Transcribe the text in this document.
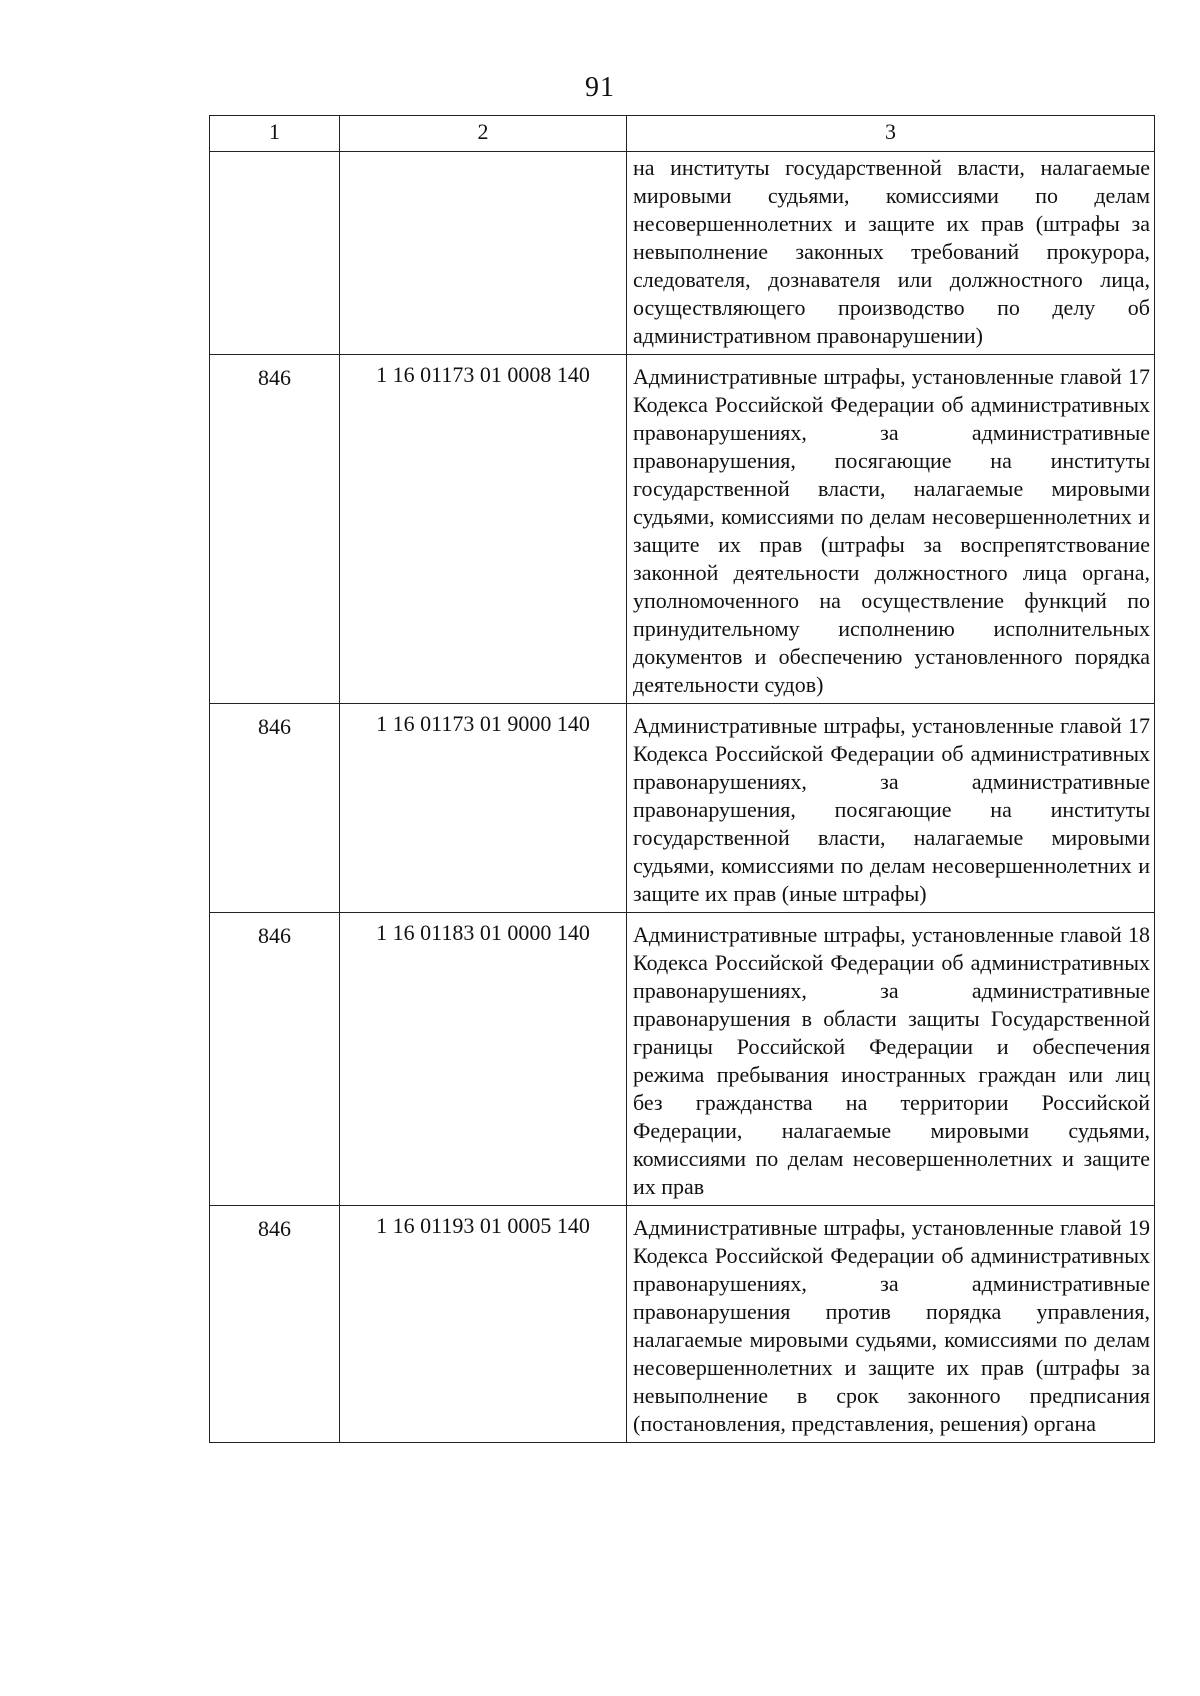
91
1	2	3
		на институты государственной власти, налагаемые мировыми судьями, комиссиями по делам несовершеннолетних и защите их прав (штрафы за невыполнение законных требований прокурора, следователя, дознавателя или должностного лица, осуществляющего производство по делу об административном правонарушении)
846	1 16 01173 01 0008 140	Административные штрафы, установленные главой 17 Кодекса Российской Федерации об административных правонарушениях, за административные правонарушения, посягающие на институты государственной власти, налагаемые мировыми судьями, комиссиями по делам несовершеннолетних и защите их прав (штрафы за воспрепятствование законной деятельности должностного лица органа, уполномоченного на осуществление функций по принудительному исполнению исполнительных документов и обеспечению установленного порядка деятельности судов)
846	1 16 01173 01 9000 140	Административные штрафы, установленные главой 17 Кодекса Российской Федерации об административных правонарушениях, за административные правонарушения, посягающие на институты государственной власти, налагаемые мировыми судьями, комиссиями по делам несовершеннолетних и защите их прав (иные штрафы)
846	1 16 01183 01 0000 140	Административные штрафы, установленные главой 18 Кодекса Российской Федерации об административных правонарушениях, за административные правонарушения в области защиты Государственной границы Российской Федерации и обеспечения режима пребывания иностранных граждан или лиц без гражданства на территории Российской Федерации, налагаемые мировыми судьями, комиссиями по делам несовершеннолетних и защите их прав
846	1 16 01193 01 0005 140	Административные штрафы, установленные главой 19 Кодекса Российской Федерации об административных правонарушениях, за административные правонарушения против порядка управления, налагаемые мировыми судьями, комиссиями по делам несовершеннолетних и защите их прав (штрафы за невыполнение в срок законного предписания (постановления, представления, решения) органа
